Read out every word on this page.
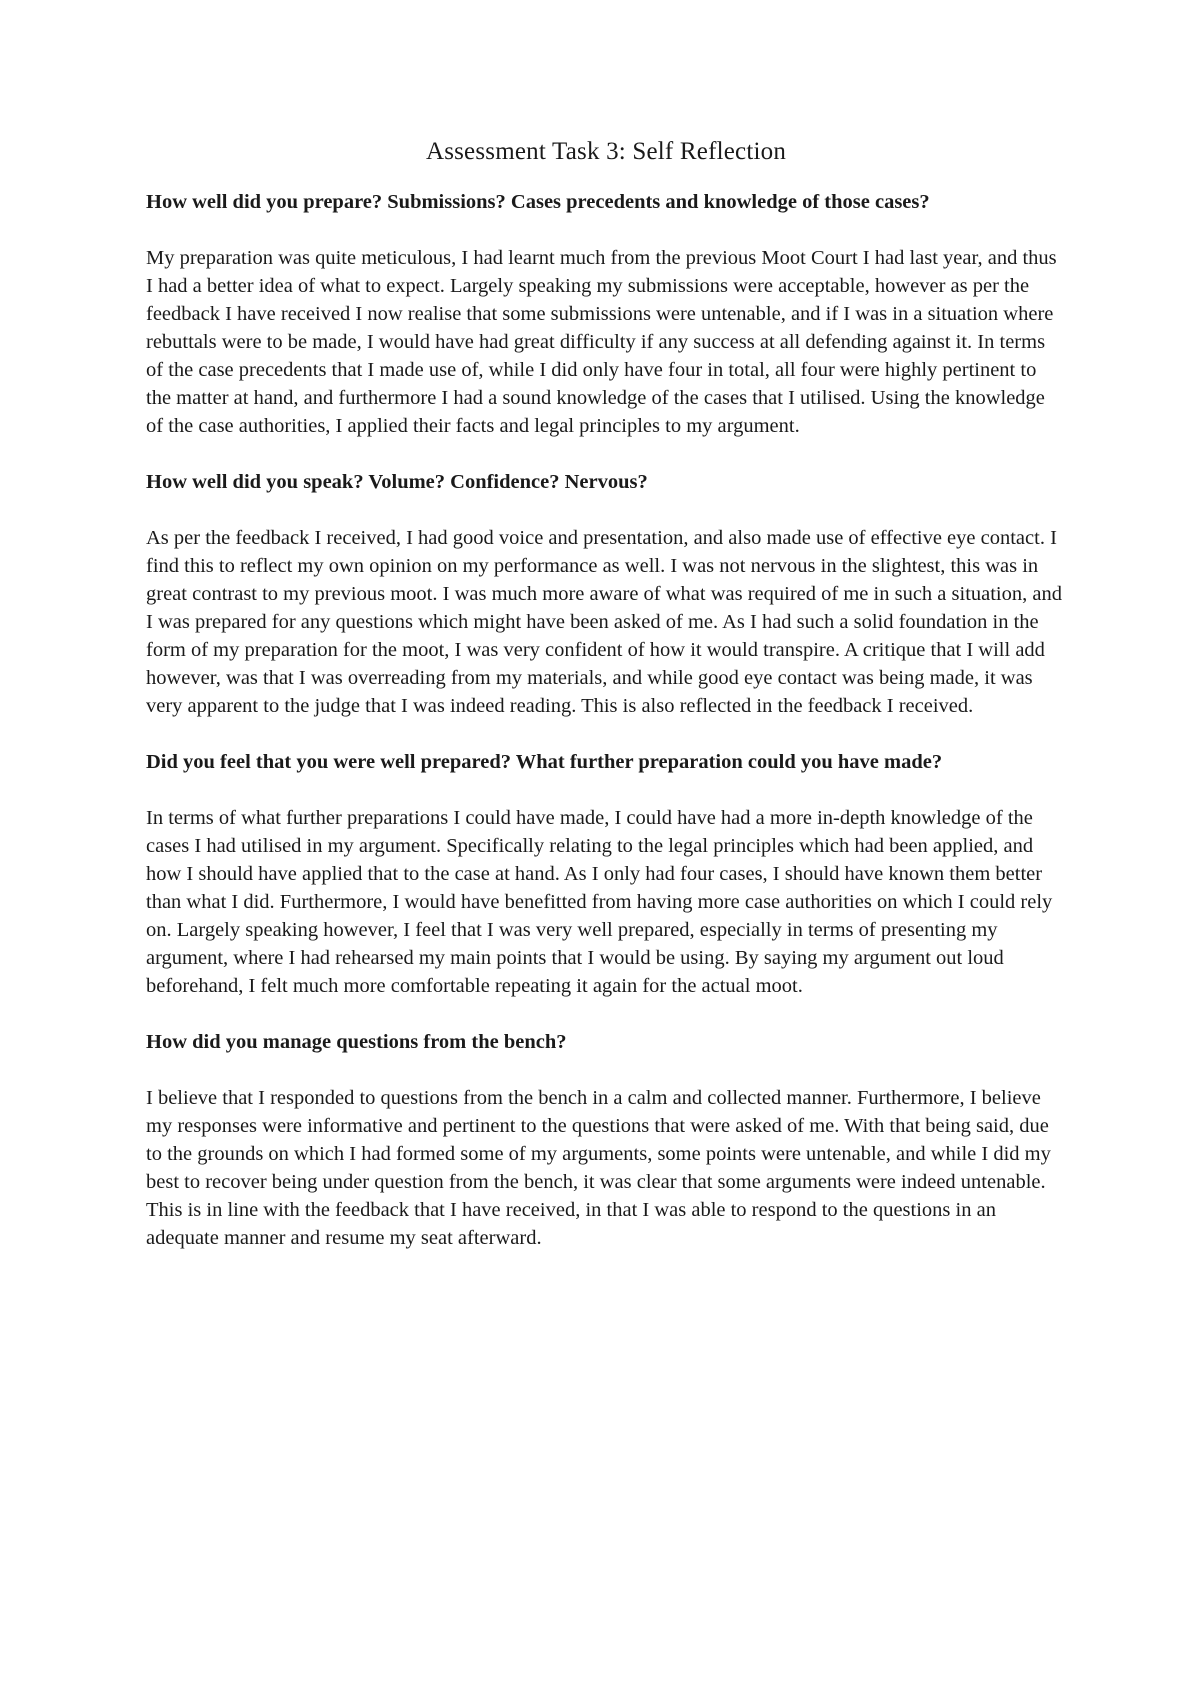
Assessment Task 3: Self Reflection

How well did you prepare? Submissions? Cases precedents and knowledge of those cases?

My preparation was quite meticulous, I had learnt much from the previous Moot Court I had last year, and thus I had a better idea of what to expect. Largely speaking my submissions were acceptable, however as per the feedback I have received I now realise that some submissions were untenable, and if I was in a situation where rebuttals were to be made, I would have had great difficulty if any success at all defending against it. In terms of the case precedents that I made use of, while I did only have four in total, all four were highly pertinent to the matter at hand, and furthermore I had a sound knowledge of the cases that I utilised. Using the knowledge of the case authorities, I applied their facts and legal principles to my argument.

How well did you speak? Volume? Confidence? Nervous?

As per the feedback I received, I had good voice and presentation, and also made use of effective eye contact. I find this to reflect my own opinion on my performance as well. I was not nervous in the slightest, this was in great contrast to my previous moot. I was much more aware of what was required of me in such a situation, and I was prepared for any questions which might have been asked of me. As I had such a solid foundation in the form of my preparation for the moot, I was very confident of how it would transpire. A critique that I will add however, was that I was overreading from my materials, and while good eye contact was being made, it was very apparent to the judge that I was indeed reading. This is also reflected in the feedback I received.

Did you feel that you were well prepared? What further preparation could you have made?

In terms of what further preparations I could have made, I could have had a more in-depth knowledge of the cases I had utilised in my argument. Specifically relating to the legal principles which had been applied, and how I should have applied that to the case at hand. As I only had four cases, I should have known them better than what I did. Furthermore, I would have benefitted from having more case authorities on which I could rely on. Largely speaking however, I feel that I was very well prepared, especially in terms of presenting my argument, where I had rehearsed my main points that I would be using. By saying my argument out loud beforehand, I felt much more comfortable repeating it again for the actual moot.

How did you manage questions from the bench?

I believe that I responded to questions from the bench in a calm and collected manner. Furthermore, I believe my responses were informative and pertinent to the questions that were asked of me. With that being said, due to the grounds on which I had formed some of my arguments, some points were untenable, and while I did my best to recover being under question from the bench, it was clear that some arguments were indeed untenable. This is in line with the feedback that I have received, in that I was able to respond to the questions in an adequate manner and resume my seat afterward.
